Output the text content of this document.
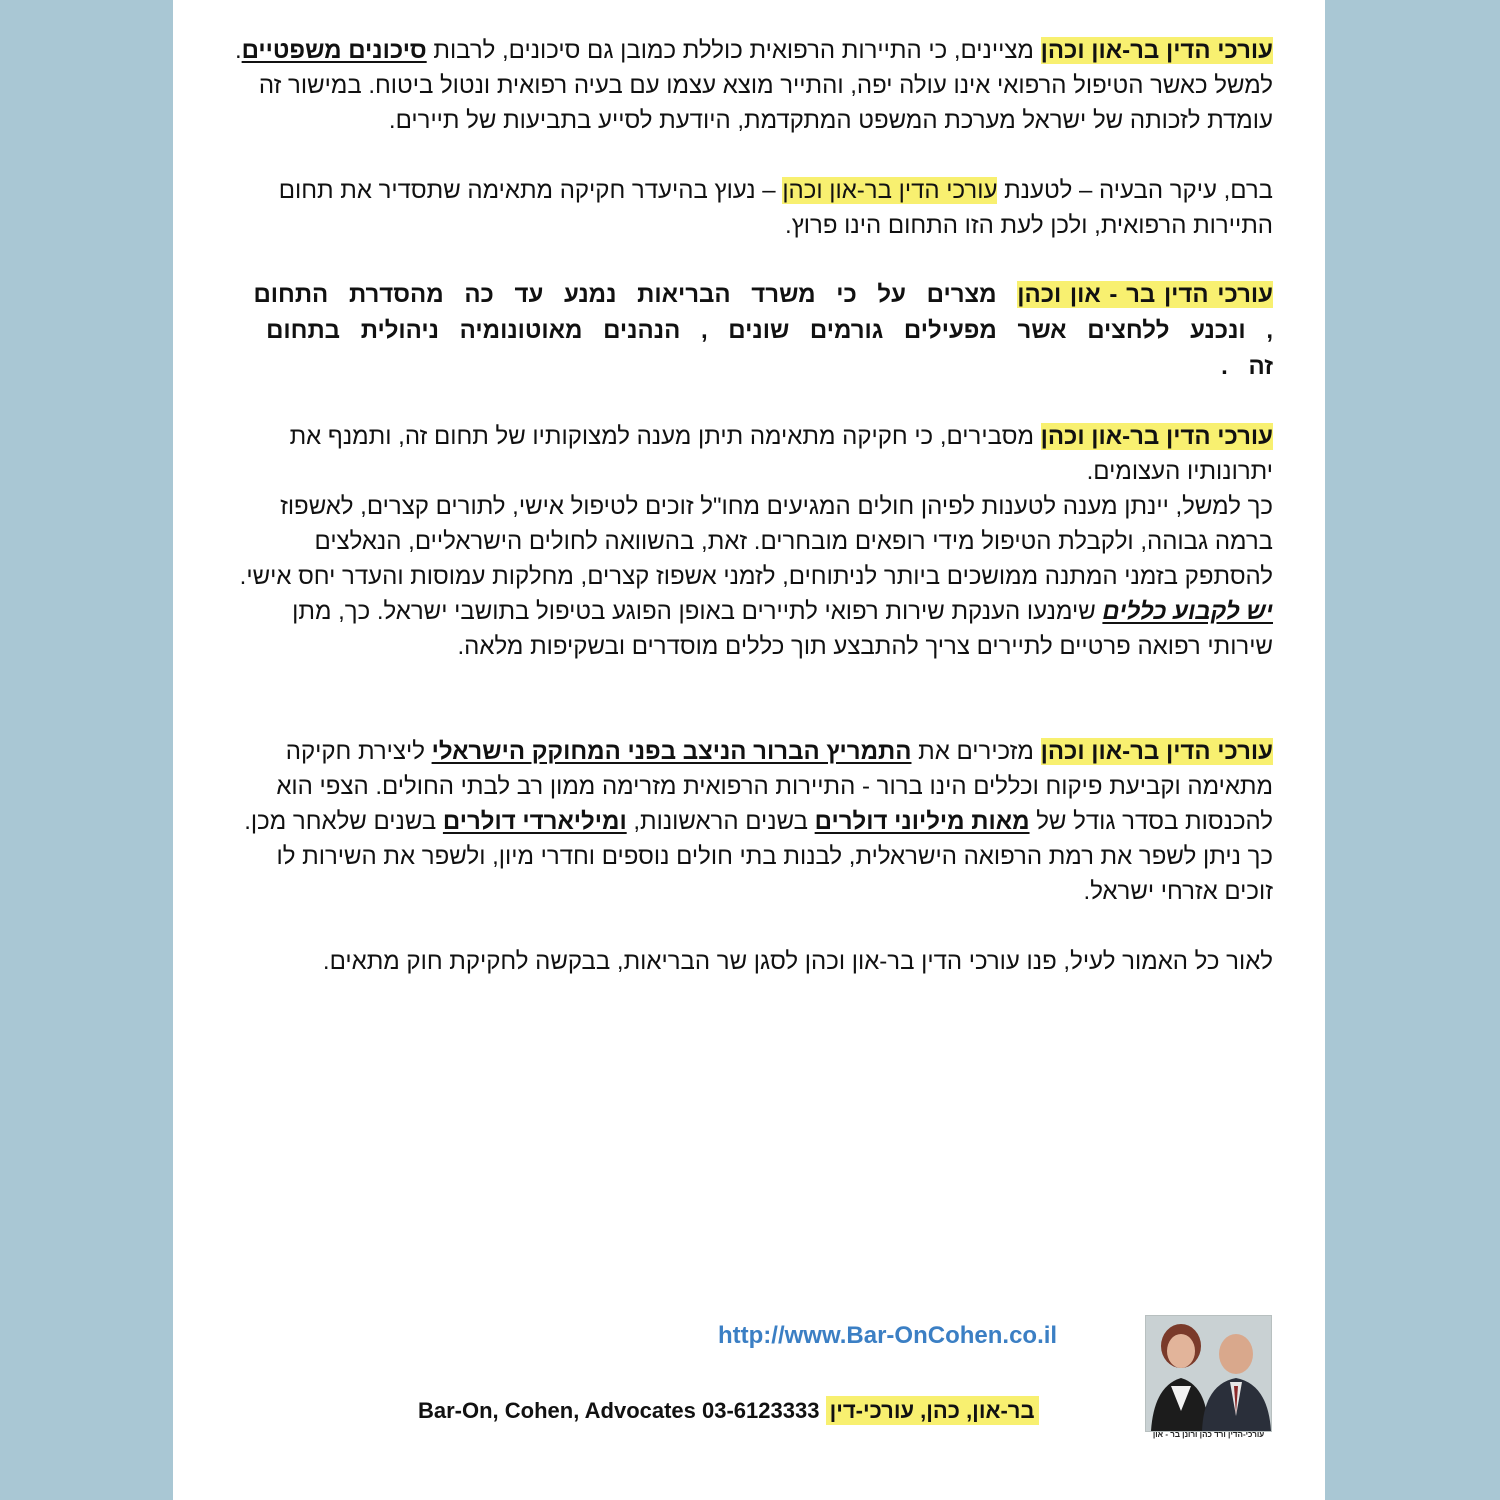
עורכי הדין בר-און וכהן מציינים, כי התיירות הרפואית כוללת כמובן גם סיכונים, לרבות סיכונים משפטיים. למשל כאשר הטיפול הרפואי אינו עולה יפה, והתייר מוצא עצמו עם בעיה רפואית ונטול ביטוח. במישור זה עומדת לזכותה של ישראל מערכת המשפט המתקדמת, היודעת לסייע בתביעות של תיירים.

ברם, עיקר הבעיה – לטענת עורכי הדין בר-און וכהן – נעוץ בהיעדר חקיקה מתאימה שתסדיר את תחום התיירות הרפואית, ולכן לעת הזו התחום הינו פרוץ.

עורכי הדין בר - און וכהן מצרים על כי משרד הבריאות נמנע עד כה מהסדרת התחום , ונכנע ללחצים אשר מפעילים גורמים שונים , הנהנים מאוטונומיה ניהולית בתחום זה .

עורכי הדין בר-און וכהן מסבירים, כי חקיקה מתאימה תיתן מענה למצוקותיו של תחום זה, ותמנף את יתרונותיו העצומים.

כך למשל, יינתן מענה לטענות לפיהן חולים המגיעים מחו"ל זוכים לטיפול אישי, לתורים קצרים, לאשפוז ברמה גבוהה, ולקבלת הטיפול מידי רופאים מובחרים. זאת, בהשוואה לחולים הישראליים, הנאלצים להסתפק בזמני המתנה ממושכים ביותר לניתוחים, לזמני אשפוז קצרים, מחלקות עמוסות והעדר יחס אישי. יש לקבוע כללים שימנעו הענקת שירות רפואי לתיירים באופן הפוגע בטיפול בתושבי ישראל. כך, מתן שירותי רפואה פרטיים לתיירים צריך להתבצע תוך כללים מוסדרים ובשקיפות מלאה.

עורכי הדין בר-און וכהן מזכירים את התמריץ הברור הניצב בפני המחוקק הישראלי ליצירת חקיקה מתאימה וקביעת פיקוח וכללים הינו ברור - התיירות הרפואית מזרימה ממון רב לבתי החולים. הצפי הוא להכנסות בסדר גודל של מאות מיליוני דולרים בשנים הראשונות, ומיליארדי דולרים בשנים שלאחר מכן. כך ניתן לשפר את רמת הרפואה הישראלית, לבנות בתי חולים נוספים וחדרי מיון, ולשפר את השירות לו זוכים אזרחי ישראל.

לאור כל האמור לעיל, פנו עורכי הדין בר-און וכהן לסגן שר הבריאות, בבקשה לחקיקת חוק מתאים.

http://www.Bar-OnCohen.co.il
Bar-On, Cohen, Advocates 03-6123333 בר-און, כהן, עורכי-דין
עורכי-הדין ורד כהן ורונן בר - און
